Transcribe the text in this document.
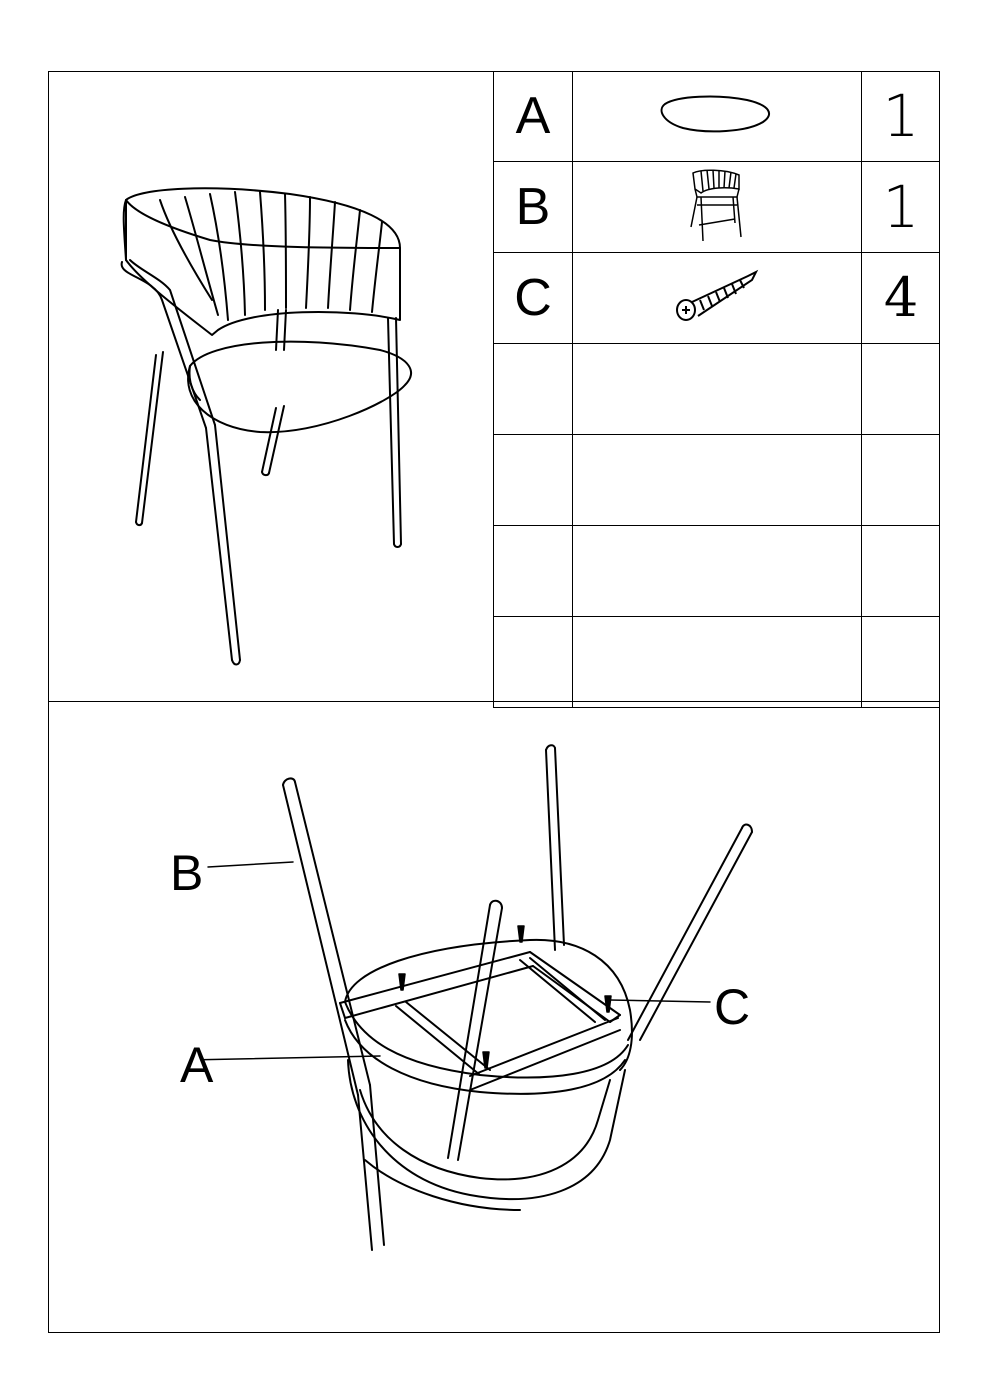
A		1
B		1
C		4

B
A
C
